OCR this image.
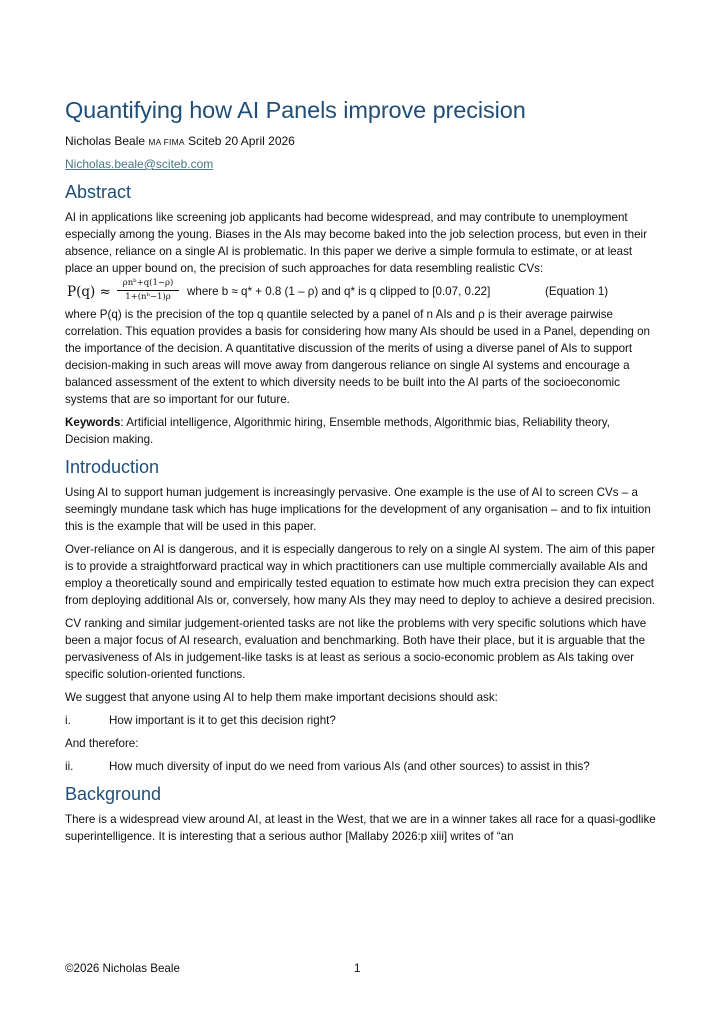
Quantifying how AI Panels improve precision
Nicholas Beale MA FIMA Sciteb 20 April 2026
Nicholas.beale@sciteb.com
Abstract

AI in applications like screening job applicants had become widespread, and may contribute to unemployment especially among the young. Biases in the AIs may become baked into the job selection process, but even in their absence, reliance on a single AI is problematic. In this paper we derive a simple formula to estimate, or at least place an upper bound on, the precision of such approaches for data resembling realistic CVs:

P(q) ≈
ρnᵇ+q(1−ρ)
1+(nᵇ−1)ρ	where b ≈ q* + 0.8 (1 – ρ) and q* is q clipped to [0.07, 0.22]	(Equation 1)

where P(q) is the precision of the top q quantile selected by a panel of n AIs and ρ is their average pairwise correlation. This equation provides a basis for considering how many AIs should be used in a Panel, depending on the importance of the decision. A quantitative discussion of the merits of using a diverse panel of AIs to support decision-making in such areas will move away from dangerous reliance on single AI systems and encourage a balanced assessment of the extent to which diversity needs to be built into the AI parts of the socioeconomic systems that are so important for our future.

Keywords: Artificial intelligence, Algorithmic hiring, Ensemble methods, Algorithmic bias, Reliability theory, Decision making.

Introduction

Using AI to support human judgement is increasingly pervasive. One example is the use of AI to screen CVs – a seemingly mundane task which has huge implications for the development of any organisation – and to fix intuition this is the example that will be used in this paper.

Over-reliance on AI is dangerous, and it is especially dangerous to rely on a single AI system. The aim of this paper is to provide a straightforward practical way in which practitioners can use multiple commercially available AIs and employ a theoretically sound and empirically tested equation to estimate how much extra precision they can expect from deploying additional AIs or, conversely, how many AIs they may need to deploy to achieve a desired precision.

CV ranking and similar judgement-oriented tasks are not like the problems with very specific solutions which have been a major focus of AI research, evaluation and benchmarking. Both have their place, but it is arguable that the pervasiveness of AIs in judgement-like tasks is at least as serious a socio-economic problem as AIs taking over specific solution-oriented functions.

We suggest that anyone using AI to help them make important decisions should ask:

i.	How important is it to get this decision right?

And therefore:

ii.	How much diversity of input do we need from various AIs (and other sources) to assist in this?
Background

There is a widespread view around AI, at least in the West, that we are in a winner takes all race for a quasi-godlike superintelligence. It is interesting that a serious author [Mallaby 2026:p xiii] writes of “an

©2026 Nicholas Beale	1
